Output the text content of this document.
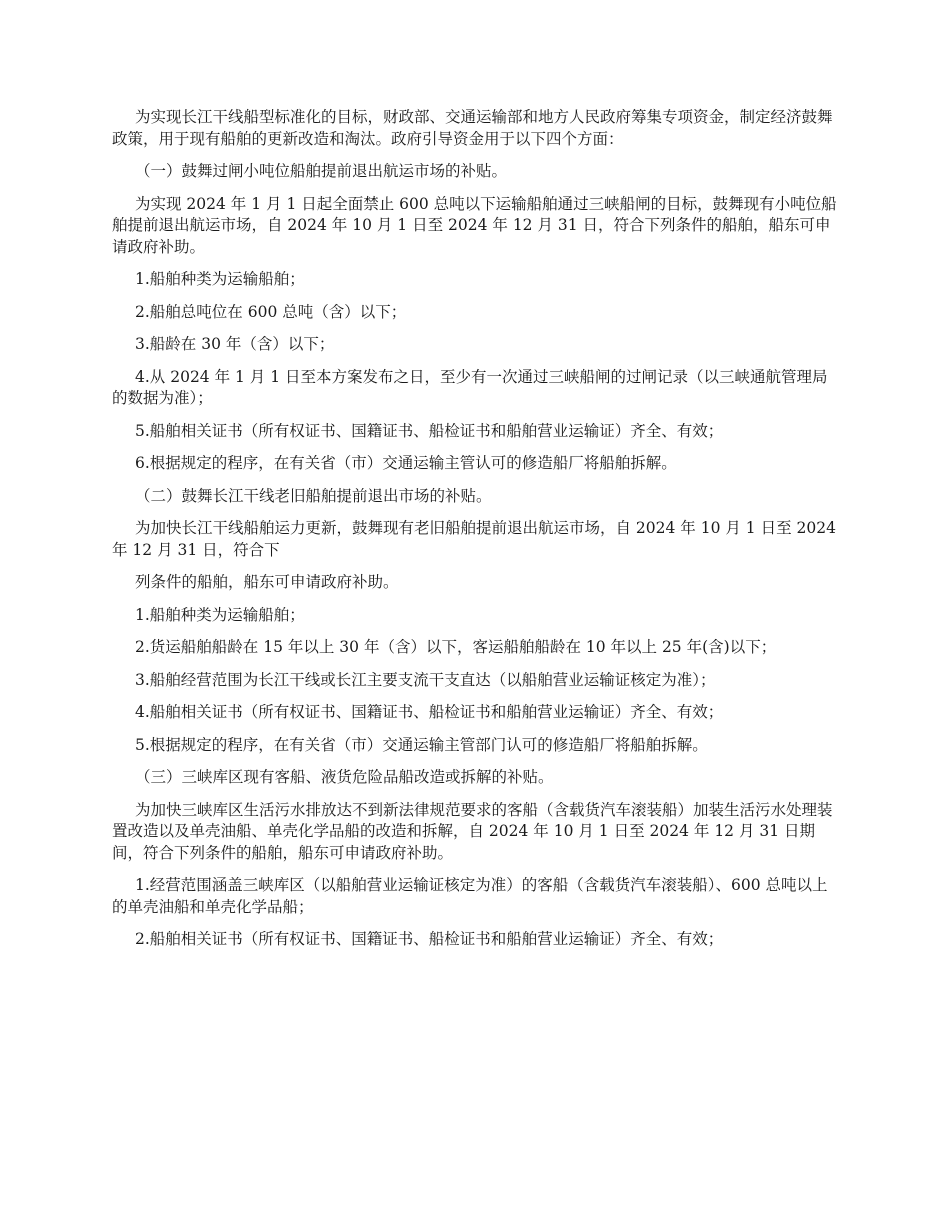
为实现长江干线船型标准化的目标，财政部、交通运输部和地方人民政府筹集专项资金，制定经济鼓舞政策，用于现有船舶的更新改造和淘汰。政府引导资金用于以下四个方面：

（一）鼓舞过闸小吨位船舶提前退出航运市场的补贴。

为实现 2024 年 1 月 1 日起全面禁止 600 总吨以下运输船舶通过三峡船闸的目标，鼓舞现有小吨位船舶提前退出航运市场，自 2024 年 10 月 1 日至 2024 年 12 月 31 日，符合下列条件的船舶，船东可申请政府补助。

1.船舶种类为运输船舶；

2.船舶总吨位在 600 总吨（含）以下；

3.船龄在 30 年（含）以下；

4.从 2024 年 1 月 1 日至本方案发布之日，至少有一次通过三峡船闸的过闸记录（以三峡通航管理局的数据为准）；

5.船舶相关证书（所有权证书、国籍证书、船检证书和船舶营业运输证）齐全、有效；

6.根据规定的程序，在有关省（市）交通运输主管认可的修造船厂将船舶拆解。

（二）鼓舞长江干线老旧船舶提前退出市场的补贴。

为加快长江干线船舶运力更新，鼓舞现有老旧船舶提前退出航运市场，自 2024 年 10 月 1 日至 2024 年 12 月 31 日，符合下

列条件的船舶，船东可申请政府补助。

1.船舶种类为运输船舶；

2.货运船舶船龄在 15 年以上 30 年（含）以下，客运船舶船龄在 10 年以上 25 年(含)以下；

3.船舶经营范围为长江干线或长江主要支流干支直达（以船舶营业运输证核定为准）；

4.船舶相关证书（所有权证书、国籍证书、船检证书和船舶营业运输证）齐全、有效；

5.根据规定的程序，在有关省（市）交通运输主管部门认可的修造船厂将船舶拆解。

（三）三峡库区现有客船、液货危险品船改造或拆解的补贴。

为加快三峡库区生活污水排放达不到新法律规范要求的客船（含载货汽车滚装船）加装生活污水处理装置改造以及单壳油船、单壳化学品船的改造和拆解，自 2024 年 10 月 1 日至 2024 年 12 月 31 日期间，符合下列条件的船舶，船东可申请政府补助。

1.经营范围涵盖三峡库区（以船舶营业运输证核定为准）的客船（含载货汽车滚装船）、600 总吨以上的单壳油船和单壳化学品船；

2.船舶相关证书（所有权证书、国籍证书、船检证书和船舶营业运输证）齐全、有效；
